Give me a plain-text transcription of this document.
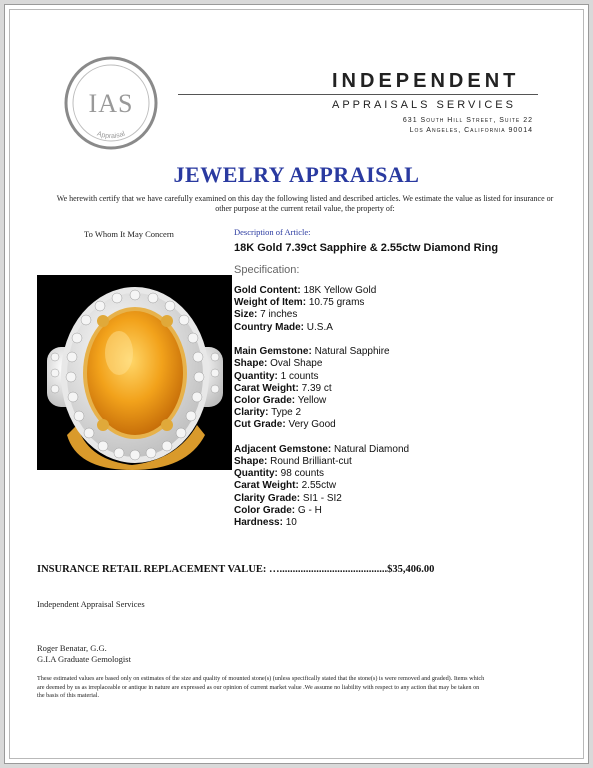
IAS
Appraisal
INDEPENDENT
APPRAISALS SERVICES
631 South Hill Street, Suite 22
Los Angeles, California 90014
JEWELRY APPRAISAL
We herewith certify that we have carefully examined on this day the following listed and described articles. We estimate the value as listed for insurance or other purpose at the current retail value, the property of:
To Whom It May Concern	Description of Article:
18K Gold 7.39ct Sapphire & 2.55ctw Diamond Ring
Specification:
Gold Content: 18K Yellow Gold
Weight of Item: 10.75 grams
Size: 7 inches
Country Made: U.S.A
Main Gemstone: Natural Sapphire
Shape: Oval Shape
Quantity: 1 counts
Carat Weight: 7.39 ct
Color Grade: Yellow
Clarity: Type 2
Cut Grade: Very Good
Adjacent Gemstone: Natural Diamond
Shape: Round Brilliant-cut
Quantity: 98 counts
Carat Weight: 2.55ctw
Clarity Grade: SI1 - SI2
Color Grade: G - H
Hardness: 10
INSURANCE RETAIL REPLACEMENT VALUE: ….........................................$35,406.00
Independent Appraisal Services
Roger Benatar, G.G.
G.I.A Graduate Gemologist
These estimated values are based only on estimates of the size and quality of mounted stone(s) (unless specifically stated that the stone(s) is were removed and graded). Items which are deemed by us as irreplaceable or antique in nature are expressed as our opinion of current market value .We assume no liability with respect to any action that may be taken on the basis of this material.
